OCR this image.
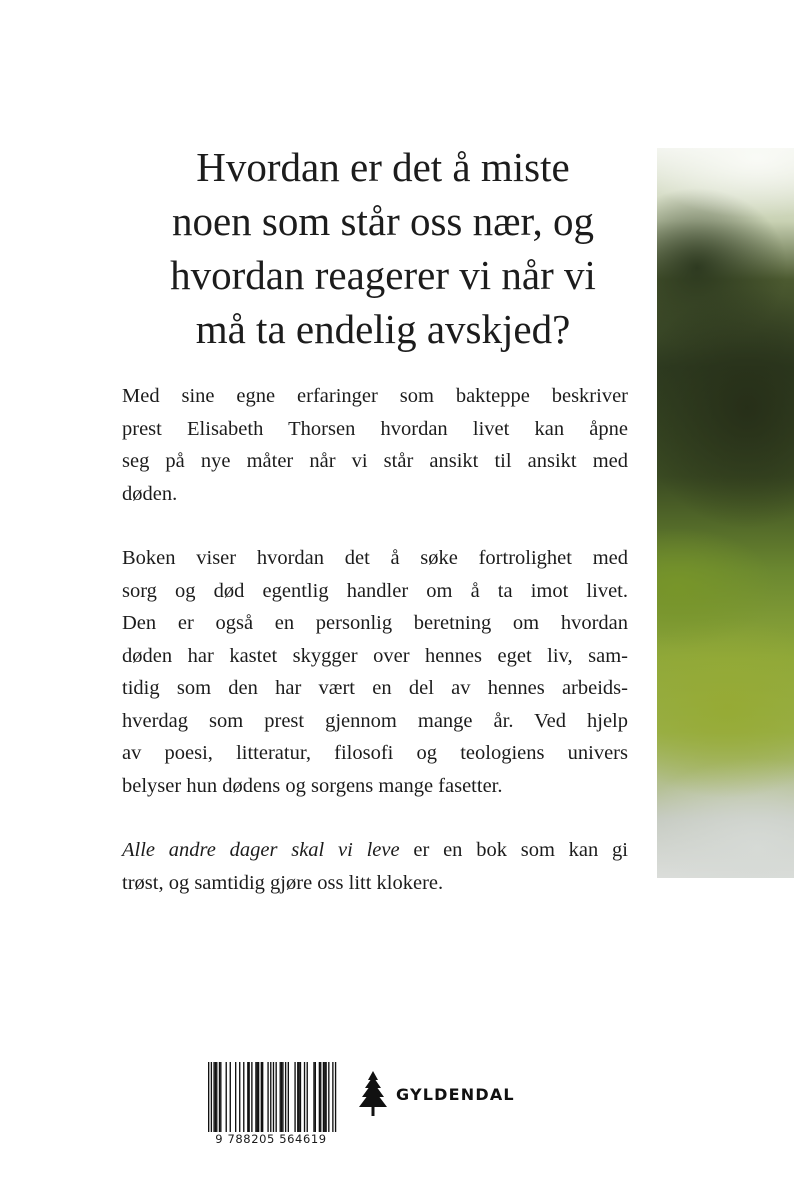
Hvordan er det å miste
noen som står oss nær, og
hvordan reagerer vi når vi
må ta endelig avskjed?

Med sine egne erfaringer som bakteppe beskriver
prest Elisabeth Thorsen hvordan livet kan åpne
seg på nye måter når vi står ansikt til ansikt med
døden.

Boken viser hvordan det å søke fortrolighet med
sorg og død egentlig handler om å ta imot livet.
Den er også en personlig beretning om hvordan
døden har kastet skygger over hennes eget liv, sam-
tidig som den har vært en del av hennes arbeids-
hverdag som prest gjennom mange år. Ved hjelp
av poesi, litteratur, filosofi og teologiens univers
belyser hun dødens og sorgens mange fasetter.

Alle andre dager skal vi leve er en bok som kan gi
trøst, og samtidig gjøre oss litt klokere.

9 788205 564619
GYLDENDAL
